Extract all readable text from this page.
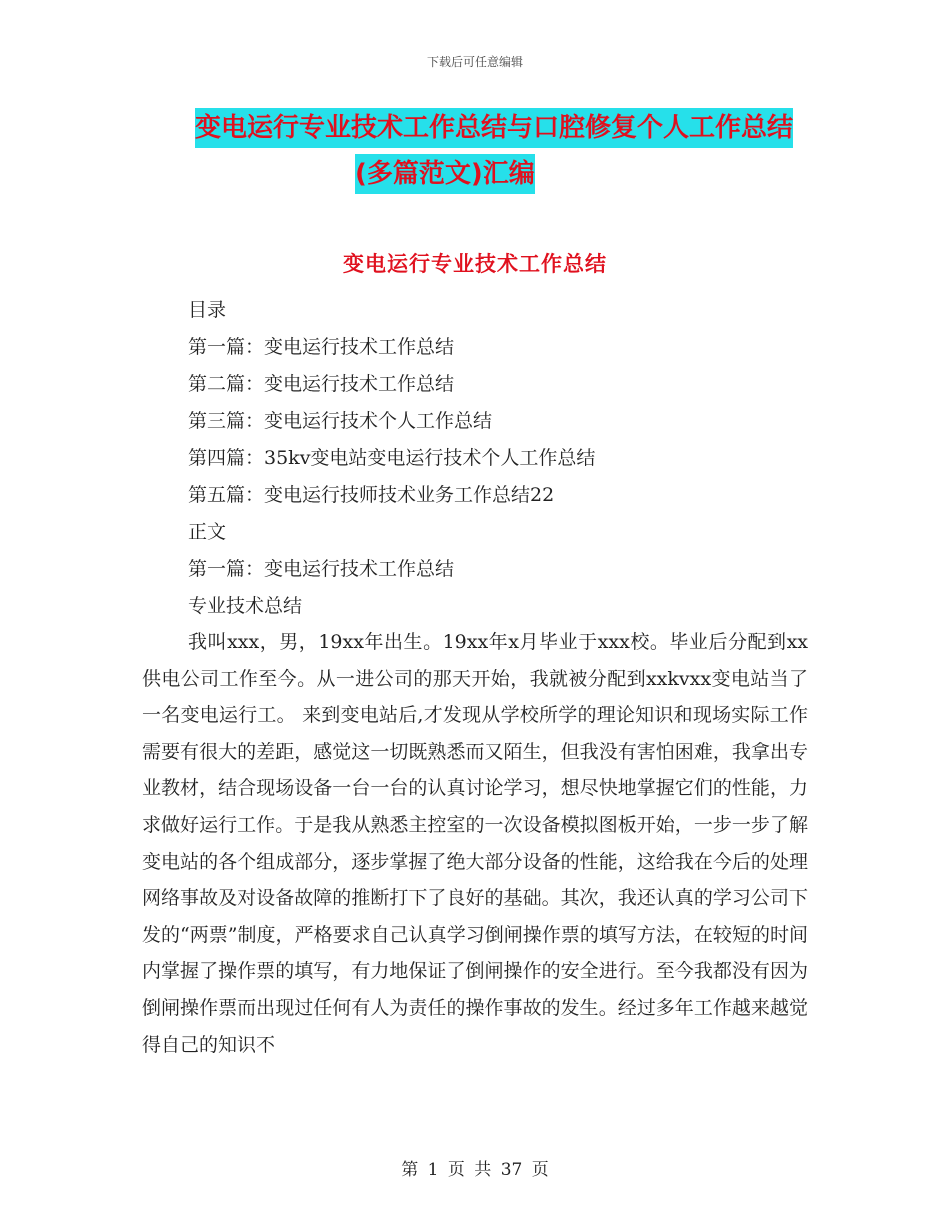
下载后可任意编辑
变电运行专业技术工作总结与口腔修复个人工作总结
(多篇范文)汇编
变电运行专业技术工作总结
目录
第一篇：变电运行技术工作总结
第二篇：变电运行技术工作总结
第三篇：变电运行技术个人工作总结
第四篇：35kv变电站变电运行技术个人工作总结
第五篇：变电运行技师技术业务工作总结22
正文
第一篇：变电运行技术工作总结
专业技术总结
我叫xxx，男，19xx年出生。19xx年x月毕业于xxx校。毕业后分配到xx供电公司工作至今。从一进公司的那天开始，我就被分配到xxkvxx变电站当了一名变电运行工。 来到变电站后,才发现从学校所学的理论知识和现场实际工作需要有很大的差距，感觉这一切既熟悉而又陌生，但我没有害怕困难，我拿出专业教材，结合现场设备一台一台的认真讨论学习，想尽快地掌握它们的性能，力求做好运行工作。于是我从熟悉主控室的一次设备模拟图板开始，一步一步了解变电站的各个组成部分，逐步掌握了绝大部分设备的性能，这给我在今后的处理网络事故及对设备故障的推断打下了良好的基础。其次，我还认真的学习公司下发的“两票”制度，严格要求自己认真学习倒闸操作票的填写方法，在较短的时间内掌握了操作票的填写，有力地保证了倒闸操作的安全进行。至今我都没有因为倒闸操作票而出现过任何有人为责任的操作事故的发生。经过多年工作越来越觉得自己的知识不
第 1 页 共 37 页
